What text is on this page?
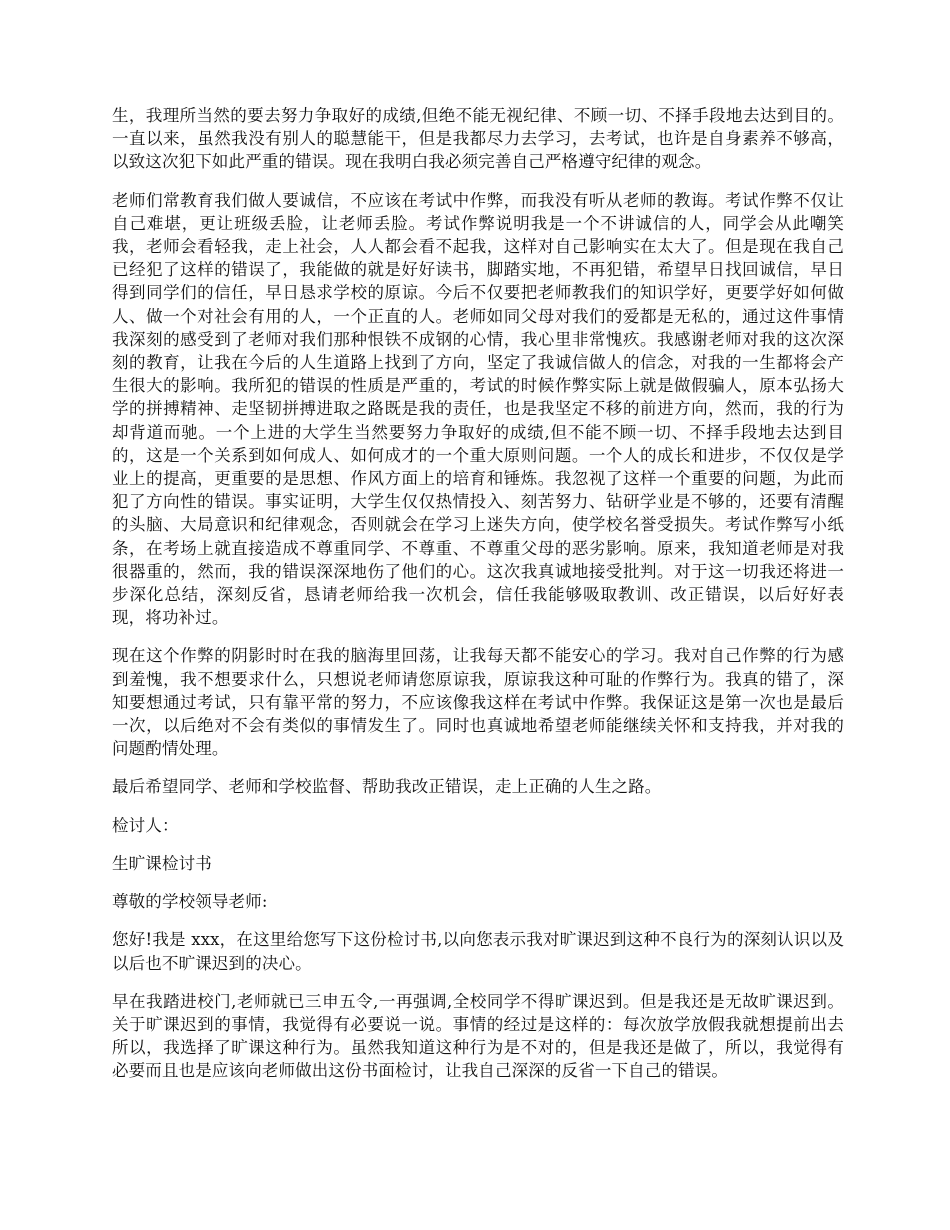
生，我理所当然的要去努力争取好的成绩,但绝不能无视纪律、不顾一切、不择手段地去达到目的。一直以来，虽然我没有别人的聪慧能干，但是我都尽力去学习，去考试，也许是自身素养不够高，以致这次犯下如此严重的错误。现在我明白我必须完善自己严格遵守纪律的观念。

老师们常教育我们做人要诚信，不应该在考试中作弊，而我没有听从老师的教诲。考试作弊不仅让自己难堪，更让班级丢脸，让老师丢脸。考试作弊说明我是一个不讲诚信的人，同学会从此嘲笑我，老师会看轻我，走上社会，人人都会看不起我，这样对自己影响实在太大了。但是现在我自己已经犯了这样的错误了，我能做的就是好好读书，脚踏实地，不再犯错，希望早日找回诚信，早日得到同学们的信任，早日恳求学校的原谅。今后不仅要把老师教我们的知识学好，更要学好如何做人、做一个对社会有用的人，一个正直的人。老师如同父母对我们的爱都是无私的，通过这件事情我深刻的感受到了老师对我们那种恨铁不成钢的心情，我心里非常愧疚。我感谢老师对我的这次深刻的教育，让我在今后的人生道路上找到了方向，坚定了我诚信做人的信念，对我的一生都将会产生很大的影响。我所犯的错误的性质是严重的，考试的时候作弊实际上就是做假骗人，原本弘扬大学的拼搏精神、走坚韧拼搏进取之路既是我的责任，也是我坚定不移的前进方向，然而，我的行为却背道而驰。一个上进的大学生当然要努力争取好的成绩,但不能不顾一切、不择手段地去达到目的，这是一个关系到如何成人、如何成才的一个重大原则问题。一个人的成长和进步，不仅仅是学业上的提高，更重要的是思想、作风方面上的培育和锤炼。我忽视了这样一个重要的问题，为此而犯了方向性的错误。事实证明，大学生仅仅热情投入、刻苦努力、钻研学业是不够的，还要有清醒的头脑、大局意识和纪律观念，否则就会在学习上迷失方向，使学校名誉受损失。考试作弊写小纸条，在考场上就直接造成不尊重同学、不尊重、不尊重父母的恶劣影响。原来，我知道老师是对我很器重的，然而，我的错误深深地伤了他们的心。这次我真诚地接受批判。对于这一切我还将进一步深化总结，深刻反省，恳请老师给我一次机会，信任我能够吸取教训、改正错误，以后好好表现，将功补过。

现在这个作弊的阴影时时在我的脑海里回荡，让我每天都不能安心的学习。我对自己作弊的行为感到羞愧，我不想要求什么，只想说老师请您原谅我，原谅我这种可耻的作弊行为。我真的错了，深知要想通过考试，只有靠平常的努力，不应该像我这样在考试中作弊。我保证这是第一次也是最后一次，以后绝对不会有类似的事情发生了。同时也真诚地希望老师能继续关怀和支持我，并对我的问题酌情处理。

最后希望同学、老师和学校监督、帮助我改正错误，走上正确的人生之路。

检讨人：

生旷课检讨书

尊敬的学校领导老师:

您好!我是 xxx，在这里给您写下这份检讨书,以向您表示我对旷课迟到这种不良行为的深刻认识以及以后也不旷课迟到的决心。

早在我踏进校门,老师就已三申五令,一再强调,全校同学不得旷课迟到。但是我还是无故旷课迟到。关于旷课迟到的事情，我觉得有必要说一说。事情的经过是这样的：每次放学放假我就想提前出去所以，我选择了旷课这种行为。虽然我知道这种行为是不对的，但是我还是做了，所以，我觉得有必要而且也是应该向老师做出这份书面检讨，让我自己深深的反省一下自己的错误。
